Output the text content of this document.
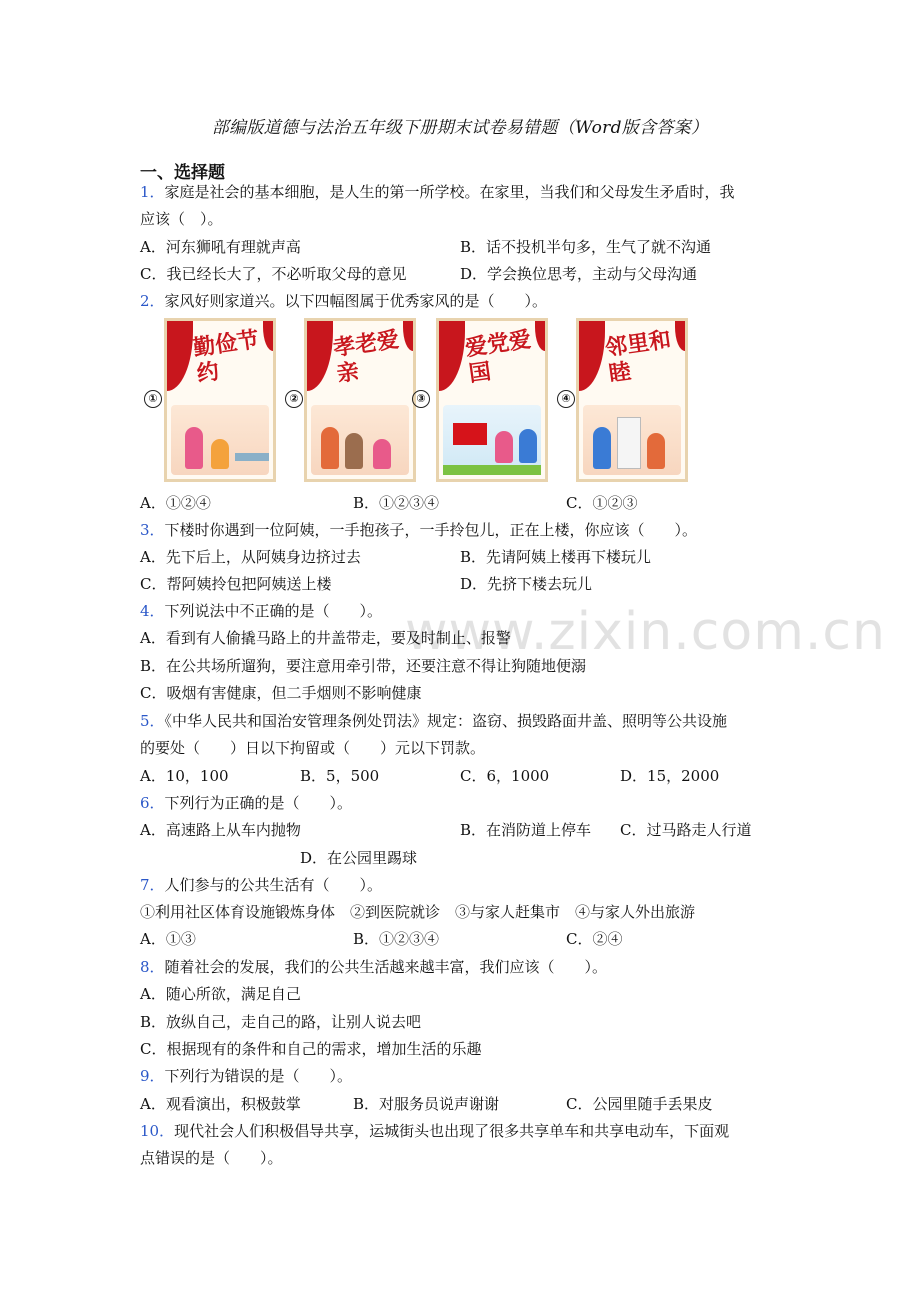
部编版道德与法治五年级下册期末试卷易错题（Word版含答案）
一、选择题
www.zixin.com.cn
1．家庭是社会的基本细胞，是人生的第一所学校。在家里，当我们和父母发生矛盾时，我
应该（　）。
A．河东狮吼有理就声高	B．话不投机半句多，生气了就不沟通
C．我已经长大了，不必听取父母的意见	D．学会换位思考，主动与父母沟通
2．家风好则家道兴。以下四幅图属于优秀家风的是（　　）。
①
勤俭节约
②
孝老爱亲
③
爱党爱国
④
邻里和睦
A．①②④	B．①②③④	C．①②③
3．下楼时你遇到一位阿姨，一手抱孩子，一手拎包儿，正在上楼，你应该（　　）。
A．先下后上，从阿姨身边挤过去	B．先请阿姨上楼再下楼玩儿
C．帮阿姨拎包把阿姨送上楼	D．先挤下楼去玩儿
4．下列说法中不正确的是（　　）。
A．看到有人偷撬马路上的井盖带走，要及时制止、报警
B．在公共场所遛狗，要注意用牵引带，还要注意不得让狗随地便溺
C．吸烟有害健康，但二手烟则不影响健康
5．《中华人民共和国治安管理条例处罚法》规定：盗窃、损毁路面井盖、照明等公共设施
的要处（　　）日以下拘留或（　　）元以下罚款。
A．10，100	B．5，500	C．6，1000	D．15，2000
6．下列行为正确的是（　　）。
A．高速路上从车内抛物	B．在消防道上停车 C．过马路走人行道
D．在公园里踢球
7．人们参与的公共生活有（　　）。
①利用社区体育设施锻炼身体　②到医院就诊　③与家人赶集市　④与家人外出旅游
A．①③	B．①②③④	C．②④
8．随着社会的发展，我们的公共生活越来越丰富，我们应该（　　）。
A．随心所欲，满足自己
B．放纵自己，走自己的路，让别人说去吧
C．根据现有的条件和自己的需求，增加生活的乐趣
9．下列行为错误的是（　　）。
A．观看演出，积极鼓掌	B．对服务员说声谢谢	C．公园里随手丢果皮
10．现代社会人们积极倡导共享，运城街头也出现了很多共享单车和共享电动车，下面观
点错误的是（　　）。
